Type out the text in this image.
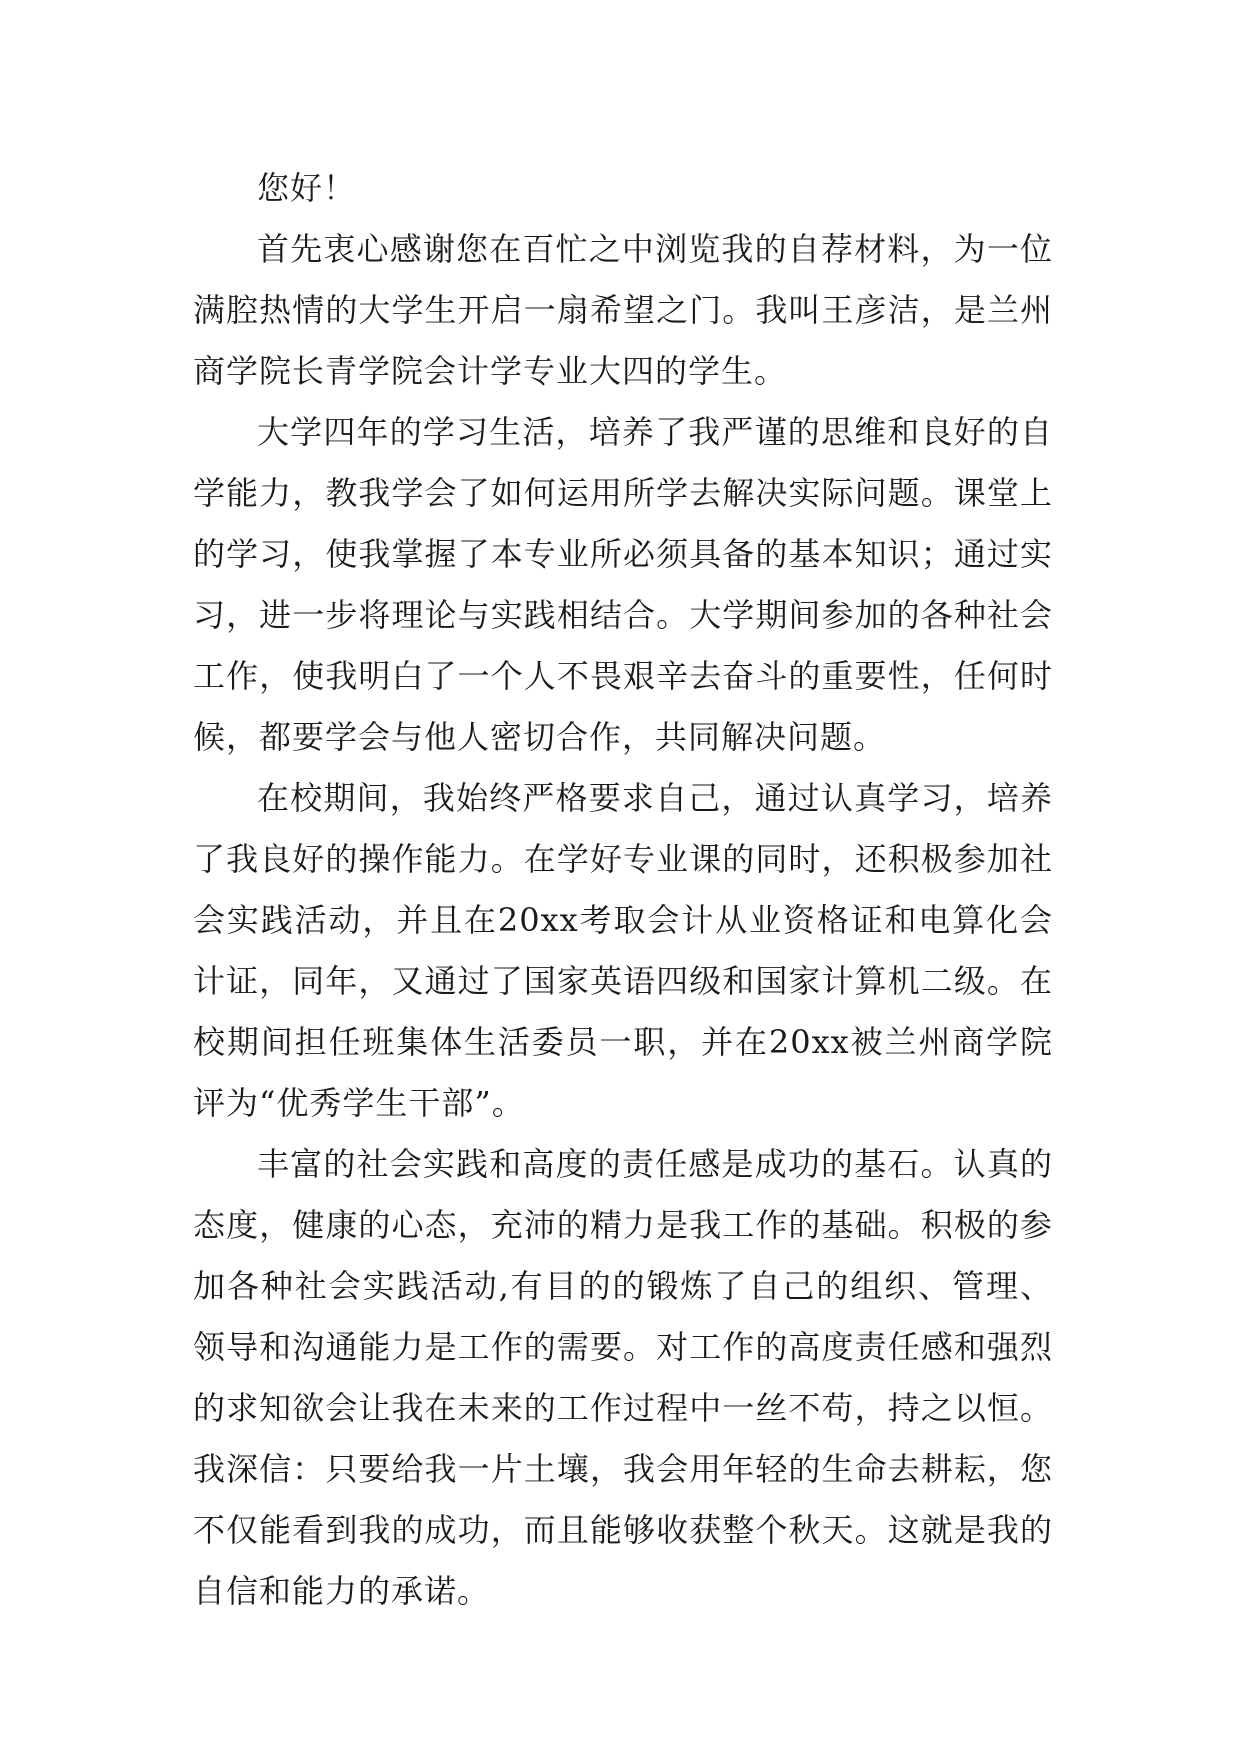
您好！

首先衷心感谢您在百忙之中浏览我的自荐材料，为一位满腔热情的大学生开启一扇希望之门。我叫王彦洁，是兰州商学院长青学院会计学专业大四的学生。

大学四年的学习生活，培养了我严谨的思维和良好的自学能力，教我学会了如何运用所学去解决实际问题。课堂上的学习，使我掌握了本专业所必须具备的基本知识；通过实习，进一步将理论与实践相结合。大学期间参加的各种社会工作，使我明白了一个人不畏艰辛去奋斗的重要性，任何时候，都要学会与他人密切合作，共同解决问题。

在校期间，我始终严格要求自己，通过认真学习，培养了我良好的操作能力。在学好专业课的同时，还积极参加社会实践活动，并且在20xx考取会计从业资格证和电算化会计证，同年，又通过了国家英语四级和国家计算机二级。在校期间担任班集体生活委员一职，并在20xx被兰州商学院评为“优秀学生干部”。

丰富的社会实践和高度的责任感是成功的基石。认真的态度，健康的心态，充沛的精力是我工作的基础。积极的参加各种社会实践活动,有目的的锻炼了自己的组织、管理、领导和沟通能力是工作的需要。对工作的高度责任感和强烈的求知欲会让我在未来的工作过程中一丝不苟，持之以恒。我深信：只要给我一片土壤，我会用年轻的生命去耕耘，您不仅能看到我的成功，而且能够收获整个秋天。这就是我的自信和能力的承诺。
